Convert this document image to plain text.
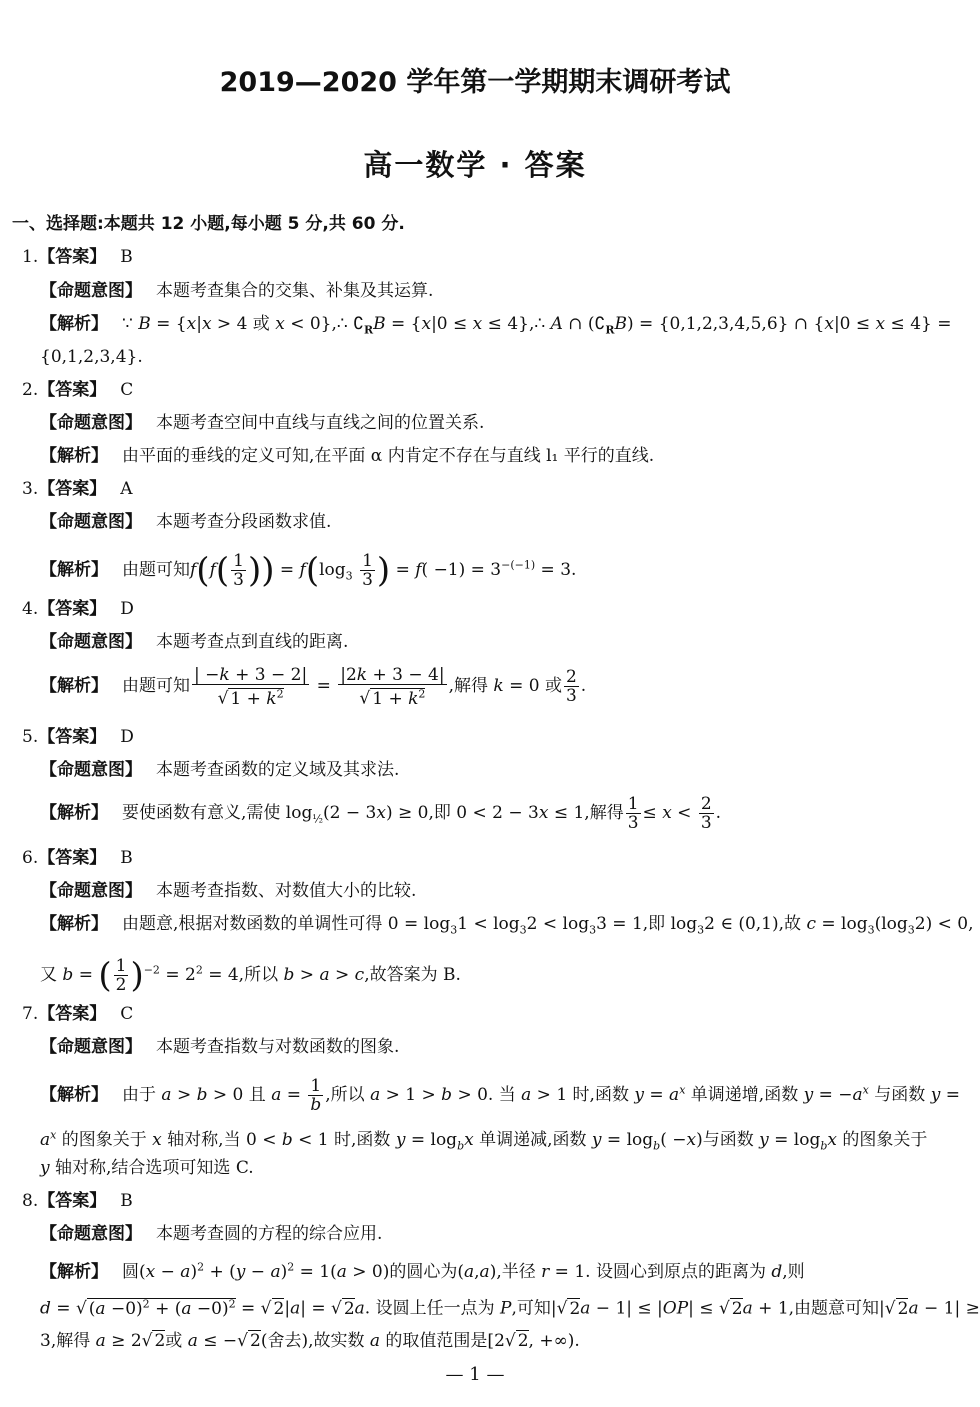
2019—2020 学年第一学期期末调研考试
高一数学 · 答案
一、选择题:本题共 12 小题,每小题 5 分,共 60 分.
1.【答案】 B
【命题意图】 本题考查集合的交集、补集及其运算.
【解析】 ∵ B = {x|x > 4 或 x < 0},∴ $∁_RB = \{x|0 \le x$ ≤ 4},∴ A ∩ $(∁_RB) = \{0,1,2,3,4,5,6\}$ ∩ {x|0 ≤ x ≤ 4} =
{0,1,2,3,4}.
2.【答案】 C
【命题意图】 本题考查空间中直线与直线之间的位置关系.
【解析】 由平面的垂线的定义可知,在平面 α 内肯定不存在与直线 l₁ 平行的直线.
3.【答案】 A
【命题意图】 本题考查分段函数求值.
【解析】 由题可知$f(f( \frac{1}{3}$ )) = $f(\log_3 \frac{1}{3}$ ) = $f( -1) = 3^{-(-1)} = 3$.
4.【答案】 D
【命题意图】 本题考查点到直线的距离.
【解析】 由题可知 $\frac{| -k + 3 - 2|}{√ 1 + k^2} = \frac{|2k + 3 - 4|}{√ 1 + k^2}$ ,解得 k = 0 或 $\frac{2}{3}$ .
5.【答案】 D
【命题意图】 本题考查函数的定义域及其求法.
【解析】 要使函数有意义,需使 $\log_{\frac{1}{2}}(2 - 3x) \ge 0$,即 0 < 2 − 3x ≤ 1,解得 $\frac{1}{3} \le x < \frac{2}{3}$ .
6.【答案】 B
【命题意图】 本题考查指数、对数值大小的比较.
【解析】 由题意,根据对数函数的单调性可得 $0 = \log_31 < \log_32 < \log_33 = 1$,即 $\log_32$ ∈ (0,1),故 $c = \log_3(\log_32) < 0$,
又 b = ( $\frac{1}{2} )^{-2} = 2^2 = 4$,所以 b > a > c,故答案为 B.
7.【答案】 C
【命题意图】 本题考查指数与对数函数的图象.
【解析】 由于 a > b > 0 且 $a = \frac{1}{b}$ ,所以 a > 1 > b > 0. 当 a > 1 时,函数 $y = a^x$ 单调递增,函数 $y = -a^x$ 与函数 y =
$a^x$ 的图象关于 x 轴对称,当 0 < b < 1 时,函数 $y = \log_bx$ 单调递减,函数 $y = \log_b( -x)$与函数 $y = \log_bx$ 的图象关于
y 轴对称,结合选项可知选 C.
8.【答案】 B
【命题意图】 本题考查圆的方程的综合应用.
【解析】 圆$(x - a)^2 + (y - a)^2 = 1(a > 0)$的圆心为(a,a),半径 r = 1. 设圆心到原点的距离为 d,则
d = √ $(a -0)^2 + (a -0)^2$ = √ 2|a| = √ 2a. 设圆上任一点为 P,可知|√ 2a − 1| ≤ |OP| ≤ √ 2a + 1,由题意可知|√ 2a − 1| ≥
3,解得 a ≥ 2√ 2或 a ≤ −√ 2(舍去),故实数 a 的取值范围是[2√ 2, +∞).
— 1 —
